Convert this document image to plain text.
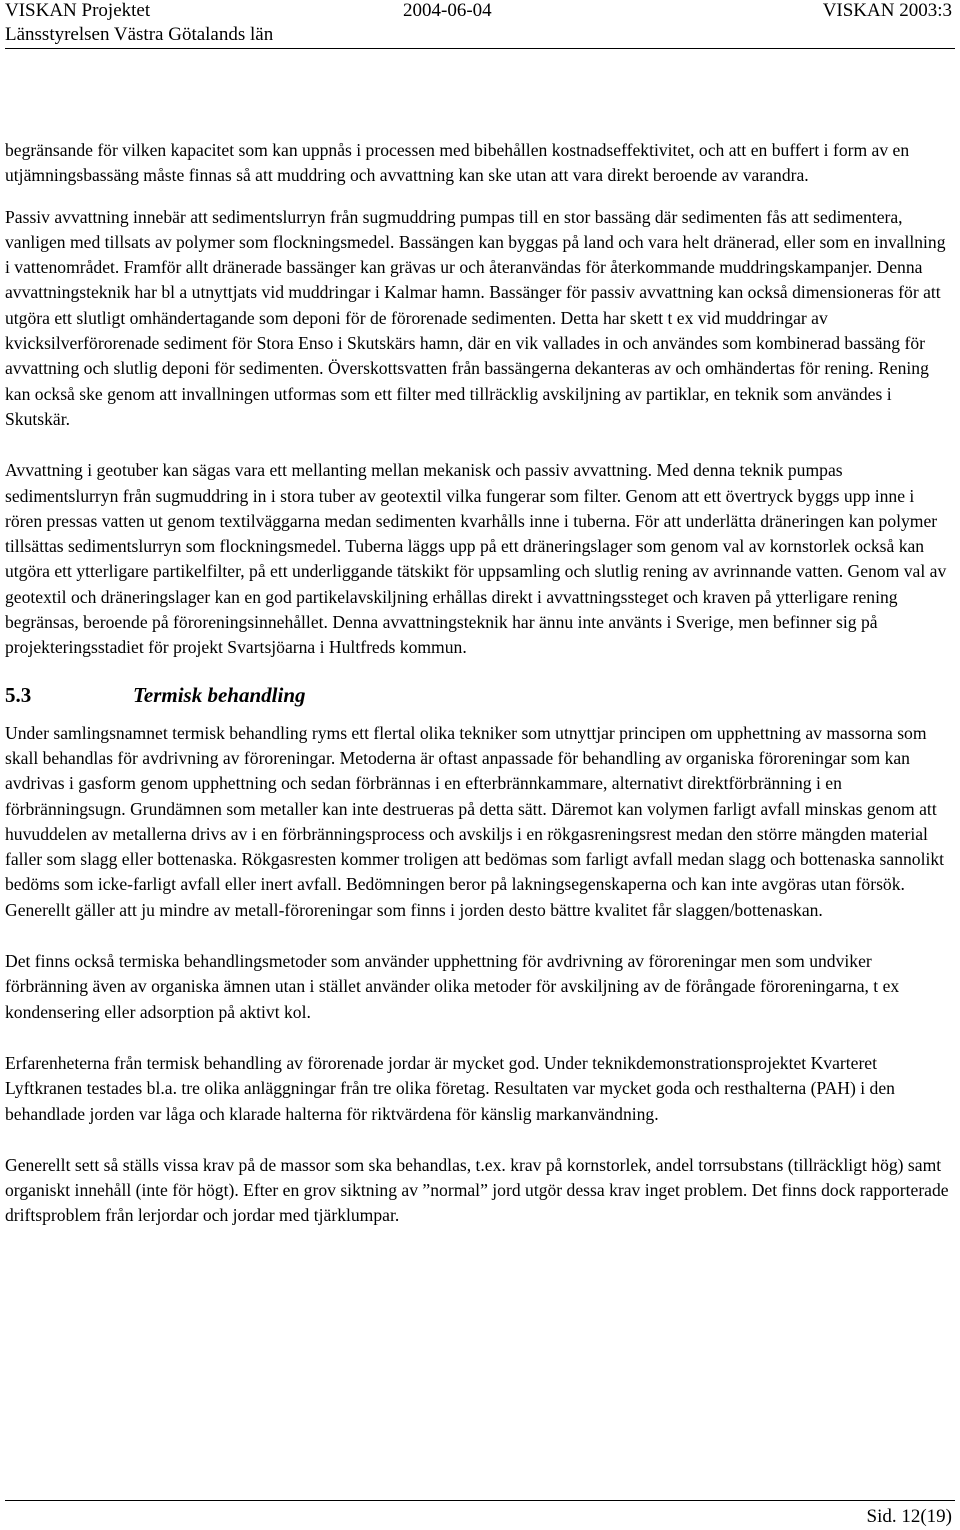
VISKAN Projektet
Länsstyrelsen Västra Götalands län
2004-06-04	VISKAN 2003:3

begränsande för vilken kapacitet som kan uppnås i processen med bibehållen kostnadseffektivitet, och att en buffert i form av en utjämningsbassäng måste finnas så att muddring och avvattning kan ske utan att vara direkt beroende av varandra.

Passiv avvattning innebär att sedimentslurryn från sugmuddring pumpas till en stor bassäng där sedimenten fås att sedimentera, vanligen med tillsats av polymer som flockningsmedel. Bassängen kan byggas på land och vara helt dränerad, eller som en invallning i vattenområdet. Framför allt dränerade bassänger kan grävas ur och återanvändas för återkommande muddringskampanjer. Denna avvattningsteknik har bl a utnyttjats vid muddringar i Kalmar hamn. Bassänger för passiv avvattning kan också dimensioneras för att utgöra ett slutligt omhändertagande som deponi för de förorenade sedimenten. Detta har skett t ex vid muddringar av kvicksilverförorenade sediment för Stora Enso i Skutskärs hamn, där en vik vallades in och användes som kombinerad bassäng för avvattning och slutlig deponi för sedimenten. Överskottsvatten från bassängerna dekanteras av och omhändertas för rening. Rening kan också ske genom att invallningen utformas som ett filter med tillräcklig avskiljning av partiklar, en teknik som användes i Skutskär.

Avvattning i geotuber kan sägas vara ett mellanting mellan mekanisk och passiv avvattning. Med denna teknik pumpas sedimentslurryn från sugmuddring in i stora tuber av geotextil vilka fungerar som filter. Genom att ett övertryck byggs upp inne i rören pressas vatten ut genom textilväggarna medan sedimenten kvarhålls inne i tuberna. För att underlätta dräneringen kan polymer tillsättas sedimentslurryn som flockningsmedel. Tuberna läggs upp på ett dräneringslager som genom val av kornstorlek också kan utgöra ett ytterligare partikelfilter, på ett underliggande tätskikt för uppsamling och slutlig rening av avrinnande vatten. Genom val av geotextil och dräneringslager kan en god partikelavskiljning erhållas direkt i avvattningssteget och kraven på ytterligare rening begränsas, beroende på föroreningsinnehållet. Denna avvattningsteknik har ännu inte använts i Sverige, men befinner sig på projekteringsstadiet för projekt Svartsjöarna i Hultfreds kommun.

5.3	Termisk behandling

Under samlingsnamnet termisk behandling ryms ett flertal olika tekniker som utnyttjar principen om upphettning av massorna som skall behandlas för avdrivning av föroreningar. Metoderna är oftast anpassade för behandling av organiska föroreningar som kan avdrivas i gasform genom upphettning och sedan förbrännas i en efterbrännkammare, alternativt direktförbränning i en förbränningsugn. Grundämnen som metaller kan inte destrueras på detta sätt. Däremot kan volymen farligt avfall minskas genom att huvuddelen av metallerna drivs av i en förbränningsprocess och avskiljs i en rökgasreningsrest medan den större mängden material faller som slagg eller bottenaska. Rökgasresten kommer troligen att bedömas som farligt avfall medan slagg och bottenaska sannolikt bedöms som icke-farligt avfall eller inert avfall. Bedömningen beror på lakningsegenskaperna och kan inte avgöras utan försök. Generellt gäller att ju mindre av metall-föroreningar som finns i jorden desto bättre kvalitet får slaggen/bottenaskan.

Det finns också termiska behandlingsmetoder som använder upphettning för avdrivning av föroreningar men som undviker förbränning även av organiska ämnen utan i stället använder olika metoder för avskiljning av de förångade föroreningarna, t ex kondensering eller adsorption på aktivt kol.

Erfarenheterna från termisk behandling av förorenade jordar är mycket god. Under teknikdemonstrationsprojektet Kvarteret Lyftkranen testades bl.a. tre olika anläggningar från tre olika företag. Resultaten var mycket goda och resthalterna (PAH) i den behandlade jorden var låga och klarade halterna för riktvärdena för känslig markanvändning.

Generellt sett så ställs vissa krav på de massor som ska behandlas, t.ex. krav på kornstorlek, andel torrsubstans (tillräckligt hög) samt organiskt innehåll (inte för högt). Efter en grov siktning av ”normal” jord utgör dessa krav inget problem. Det finns dock rapporterade driftsproblem från lerjordar och jordar med tjärklumpar.

Sid. 12(19)
